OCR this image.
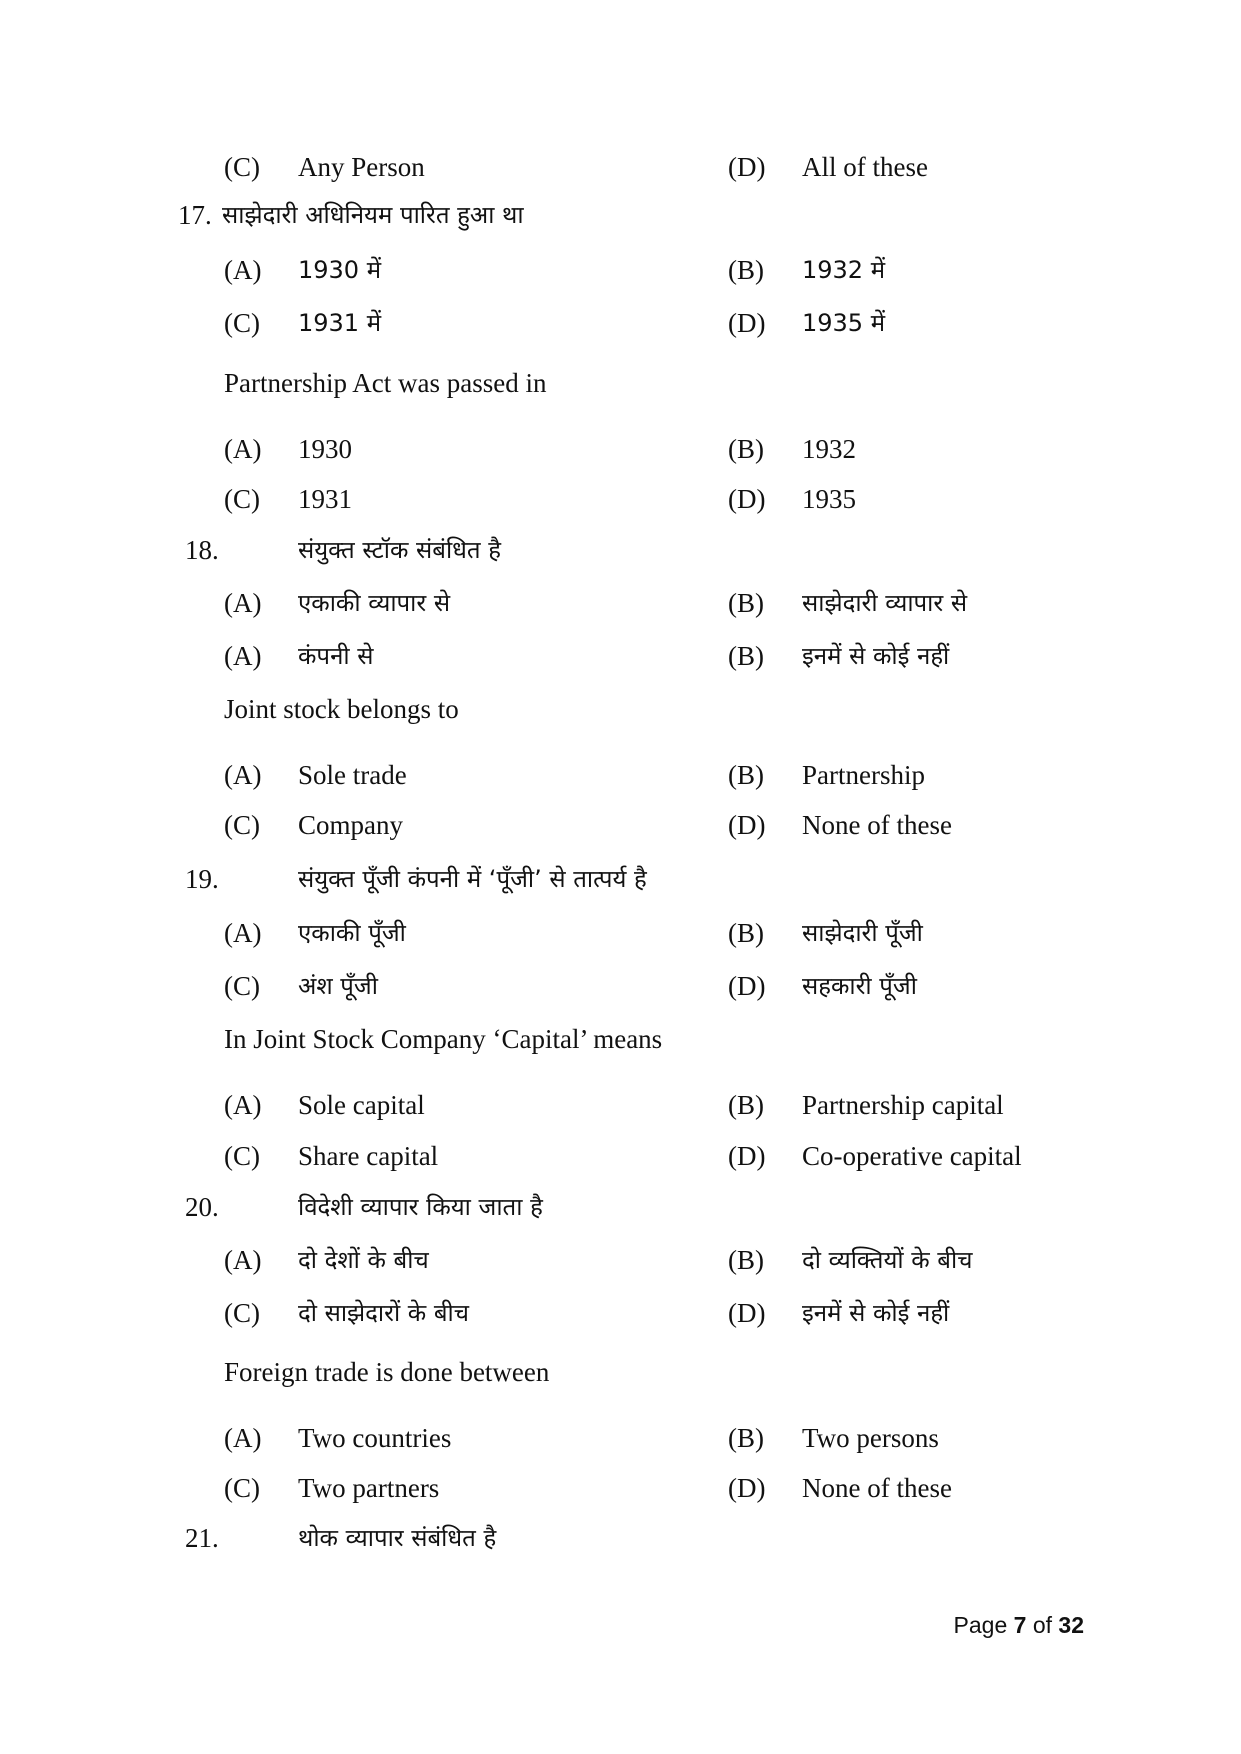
(C) Any Person	(D) All of these
17. साझेदारी अधिनियम पारित हुआ था
(A) 1930 में	(B) 1932 में
(C) 1931 में	(D) 1935 में
Partnership Act was passed in
(A) 1930	(B) 1932
(C) 1931	(D) 1935
18.	संयुक्त स्टॉक संबंधित है
(A) एकाकी व्यापार से	(B) साझेदारी व्यापार से
(A) कंपनी से	(B) इनमें से कोई नहीं
Joint stock belongs to
(A) Sole trade	(B) Partnership
(C) Company	(D) None of these
19.	संयुक्त पूँजी कंपनी में ‘पूँजी’ से तात्पर्य है
(A) एकाकी पूँजी	(B) साझेदारी पूँजी
(C) अंश पूँजी	(D) सहकारी पूँजी
In Joint Stock Company ‘Capital’ means
(A) Sole capital	(B) Partnership capital
(C) Share capital	(D) Co-operative capital
20.	विदेशी व्यापार किया जाता है
(A) दो देशों के बीच	(B) दो व्यक्तियों के बीच
(C) दो साझेदारों के बीच	(D) इनमें से कोई नहीं
Foreign trade is done between
(A) Two countries	(B) Two persons
(C) Two partners	(D) None of these
21.	थोक व्यापार संबंधित है
Page 7 of 32
